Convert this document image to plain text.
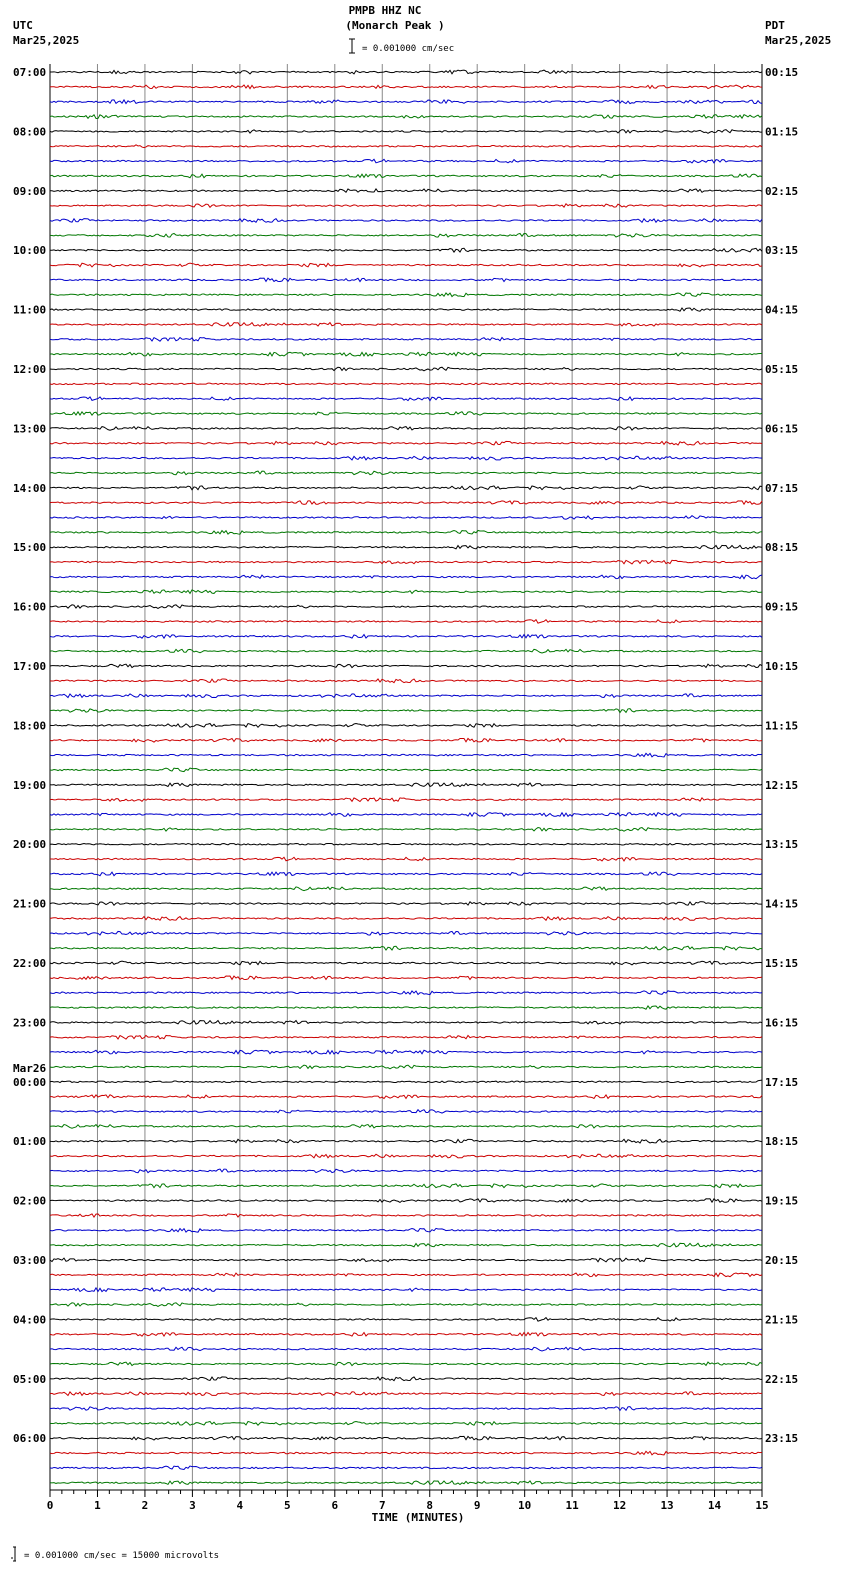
PMPB HHZ NC
(Monarch Peak )
= 0.001000 cm/sec
UTC
Mar25,2025
PDT
Mar25,2025
07:00
08:00
09:00
10:00
11:00
12:00
13:00
14:00
15:00
16:00
17:00
18:00
19:00
20:00
21:00
22:00
23:00
00:00
01:00
02:00
03:00
04:00
05:00
06:00
00:15
01:15
02:15
03:15
04:15
05:15
06:15
07:15
08:15
09:15
10:15
11:15
12:15
13:15
14:15
15:15
16:15
17:15
18:15
19:15
20:15
21:15
22:15
23:15
Mar26
0	1	2	3	4	5	6	7	8	9	10	11	12	13	14	15
TIME (MINUTES)
= 0.001000 cm/sec = 15000 microvolts
